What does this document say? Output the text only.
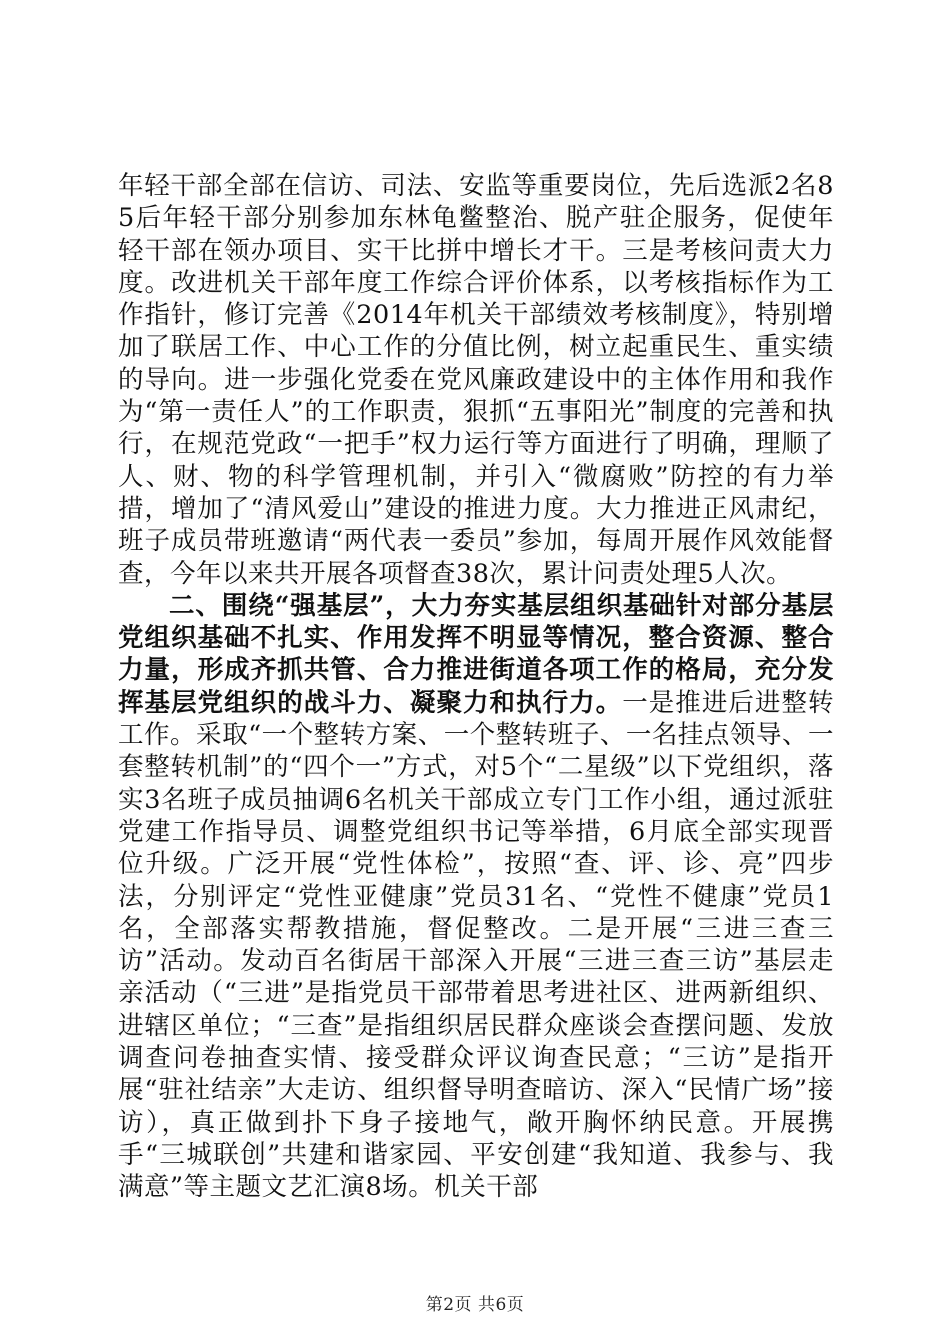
年轻干部全部在信访、司法、安监等重要岗位，先后选派2名85后年轻干部分别参加东林龟鳖整治、脱产驻企服务，促使年轻干部在领办项目、实干比拼中增长才干。三是考核问责大力度。改进机关干部年度工作综合评价体系，以考核指标作为工作指针，修订完善《2014年机关干部绩效考核制度》，特别增加了联居工作、中心工作的分值比例，树立起重民生、重实绩的导向。进一步强化党委在党风廉政建设中的主体作用和我作为“第一责任人”的工作职责，狠抓“五事阳光”制度的完善和执行，在规范党政“一把手”权力运行等方面进行了明确，理顺了人、财、物的科学管理机制，并引入“微腐败”防控的有力举措，增加了“清风爱山”建设的推进力度。大力推进正风肃纪，班子成员带班邀请“两代表一委员”参加，每周开展作风效能督查，今年以来共开展各项督查38次，累计问责处理5人次。

二、围绕“强基层”，大力夯实基层组织基础针对部分基层党组织基础不扎实、作用发挥不明显等情况，整合资源、整合力量，形成齐抓共管、合力推进街道各项工作的格局，充分发挥基层党组织的战斗力、凝聚力和执行力。一是推进后进整转工作。采取“一个整转方案、一个整转班子、一名挂点领导、一套整转机制”的“四个一”方式，对5个“二星级”以下党组织，落实3名班子成员抽调6名机关干部成立专门工作小组，通过派驻党建工作指导员、调整党组织书记等举措，6月底全部实现晋位升级。广泛开展“党性体检”，按照“查、评、诊、亮”四步法，分别评定“党性亚健康”党员31名、“党性不健康”党员1名，全部落实帮教措施，督促整改。二是开展“三进三查三访”活动。发动百名街居干部深入开展“三进三查三访”基层走亲活动（“三进”是指党员干部带着思考进社区、进两新组织、进辖区单位；“三查”是指组织居民群众座谈会查摆问题、发放调查问卷抽查实情、接受群众评议询查民意；“三访”是指开展“驻社结亲”大走访、组织督导明查暗访、深入“民情广场”接访），真正做到扑下身子接地气，敞开胸怀纳民意。开展携手“三城联创”共建和谐家园、平安创建“我知道、我参与、我满意”等主题文艺汇演8场。机关干部

第2页 共6页
